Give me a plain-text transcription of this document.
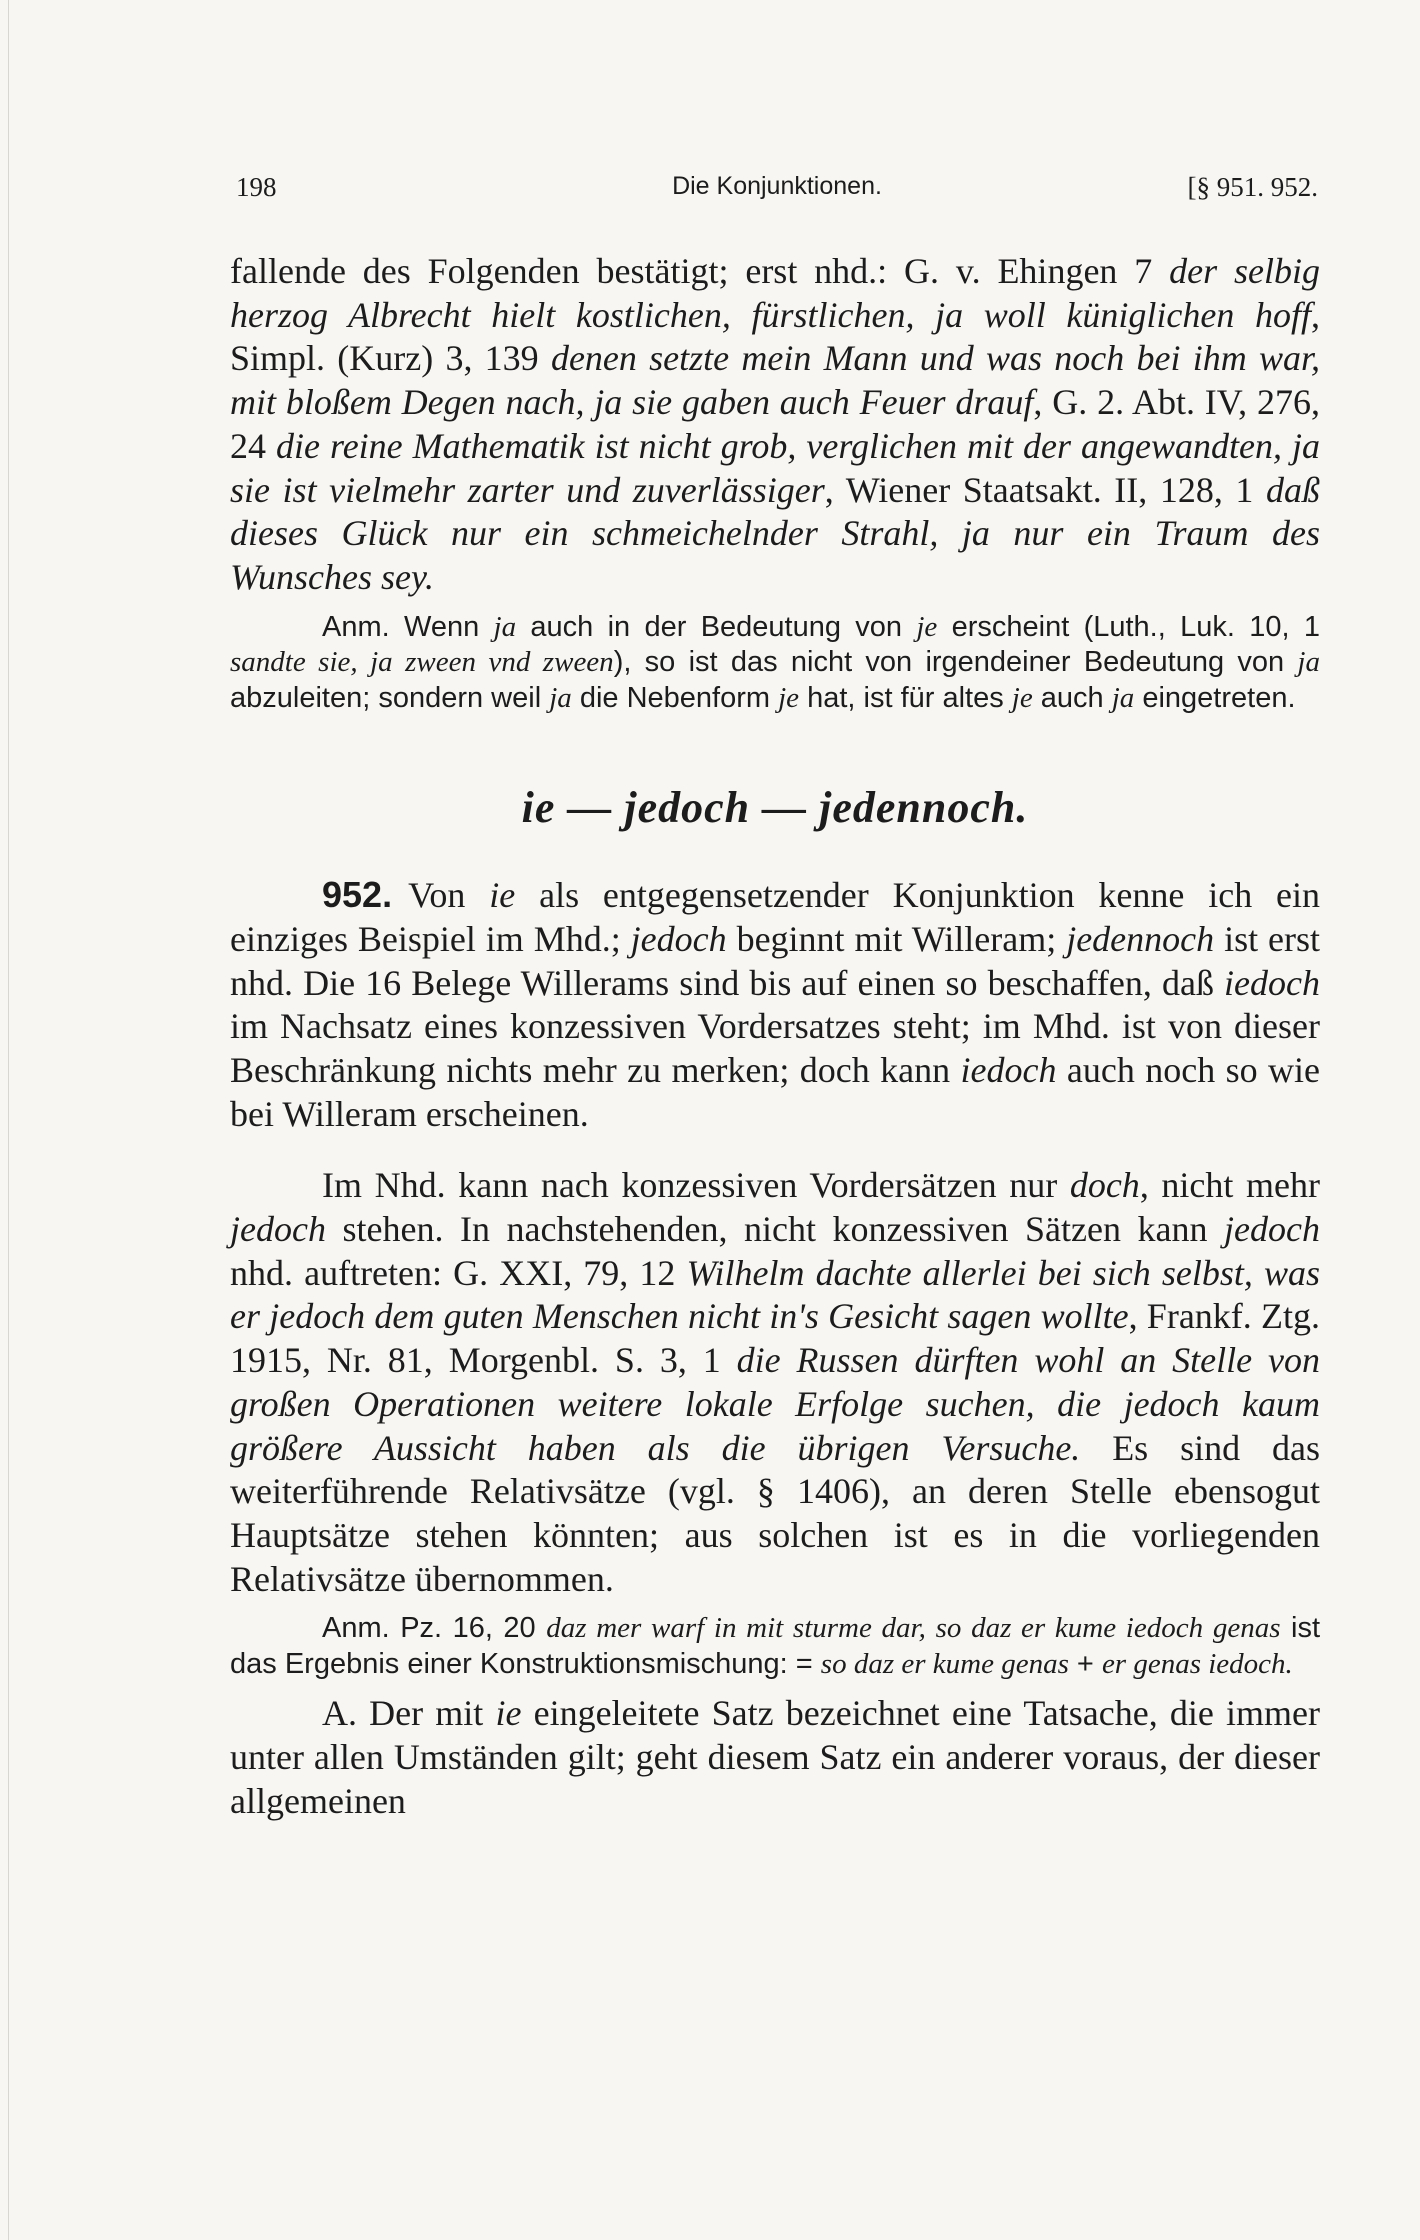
198	Die Konjunktionen.	[§ 951. 952.

fallende des Folgenden bestätigt; erst nhd.: G. v. Ehingen 7 der selbig herzog Albrecht hielt kostlichen, fürstlichen, ja woll küniglichen hoff, Simpl. (Kurz) 3, 139 denen setzte mein Mann und was noch bei ihm war, mit bloßem Degen nach, ja sie gaben auch Feuer drauf, G. 2. Abt. IV, 276, 24 die reine Mathematik ist nicht grob, verglichen mit der angewandten, ja sie ist vielmehr zarter und zuverlässiger, Wiener Staatsakt. II, 128, 1 daß dieses Glück nur ein schmeichelnder Strahl, ja nur ein Traum des Wunsches sey.

Anm. Wenn ja auch in der Bedeutung von je erscheint (Luth., Luk. 10, 1 sandte sie, ja zween vnd zween), so ist das nicht von irgendeiner Bedeutung von ja abzuleiten; sondern weil ja die Nebenform je hat, ist für altes je auch ja eingetreten.

ie — jedoch — jedennoch.

952. Von ie als entgegensetzender Konjunktion kenne ich ein einziges Beispiel im Mhd.; jedoch beginnt mit Willeram; jedennoch ist erst nhd. Die 16 Belege Willerams sind bis auf einen so beschaffen, daß iedoch im Nachsatz eines konzessiven Vordersatzes steht; im Mhd. ist von dieser Beschränkung nichts mehr zu merken; doch kann iedoch auch noch so wie bei Willeram erscheinen.

Im Nhd. kann nach konzessiven Vordersätzen nur doch, nicht mehr jedoch stehen. In nachstehenden, nicht konzessiven Sätzen kann jedoch nhd. auftreten: G. XXI, 79, 12 Wilhelm dachte allerlei bei sich selbst, was er jedoch dem guten Menschen nicht in's Gesicht sagen wollte, Frankf. Ztg. 1915, Nr. 81, Morgenbl. S. 3, 1 die Russen dürften wohl an Stelle von großen Operationen weitere lokale Erfolge suchen, die jedoch kaum größere Aussicht haben als die übrigen Versuche. Es sind das weiterführende Relativsätze (vgl. § 1406), an deren Stelle ebensogut Hauptsätze stehen könnten; aus solchen ist es in die vorliegenden Relativsätze übernommen.

Anm. Pz. 16, 20 daz mer warf in mit sturme dar, so daz er kume iedoch genas ist das Ergebnis einer Konstruktionsmischung: = so daz er kume genas + er genas iedoch.

A. Der mit ie eingeleitete Satz bezeichnet eine Tatsache, die immer unter allen Umständen gilt; geht diesem Satz ein anderer voraus, der dieser allgemeinen
